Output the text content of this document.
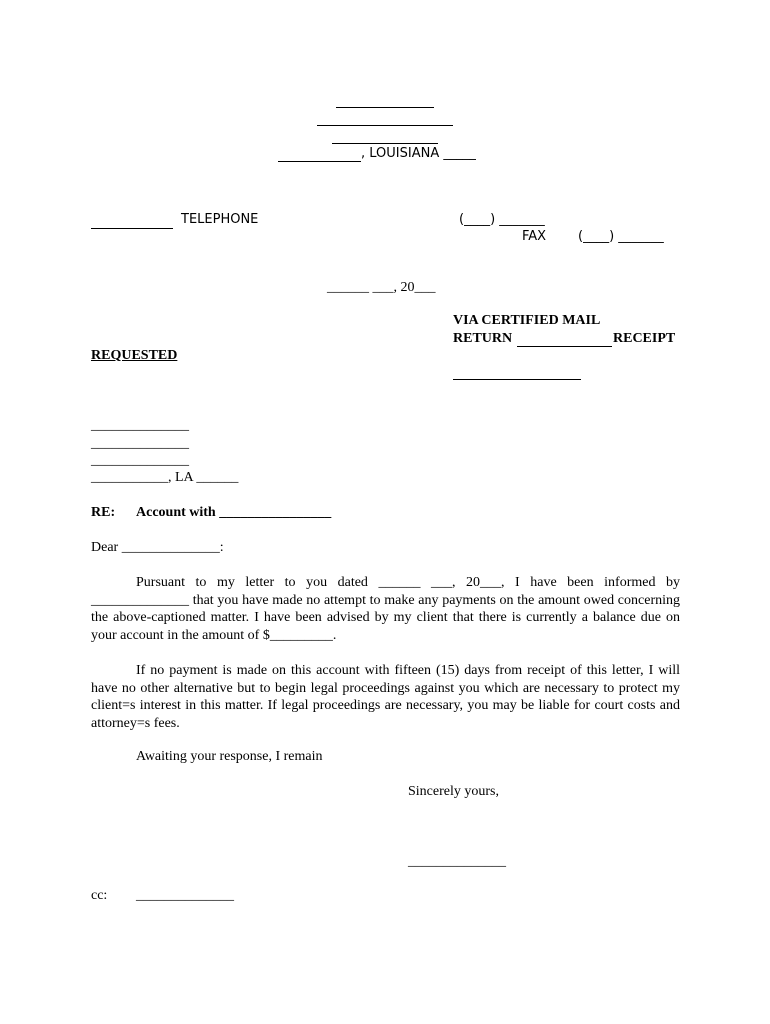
, LOUISIANA _____
TELEPHONE	(____) _______
FAX (____) _______
______ ___, 20___
VIA CERTIFIED MAIL
RETURN	RECEIPT
REQUESTED
______________
______________
______________
___________, LA ______
RE: Account with ________________
Dear ______________:

Pursuant to my letter to you dated ______ ___, 20___, I have been informed by ______________ that you have made no attempt to make any payments on the amount owed concerning the above-captioned matter. I have been advised by my client that there is currently a balance due on your account in the amount of $_________.

If no payment is made on this account with fifteen (15) days from receipt of this letter, I will have no other alternative but to begin legal proceedings against you which are necessary to protect my client=s interest in this matter. If legal proceedings are necessary, you may be liable for court costs and attorney=s fees.

Awaiting your response, I remain
Sincerely yours,
______________
cc: ______________
